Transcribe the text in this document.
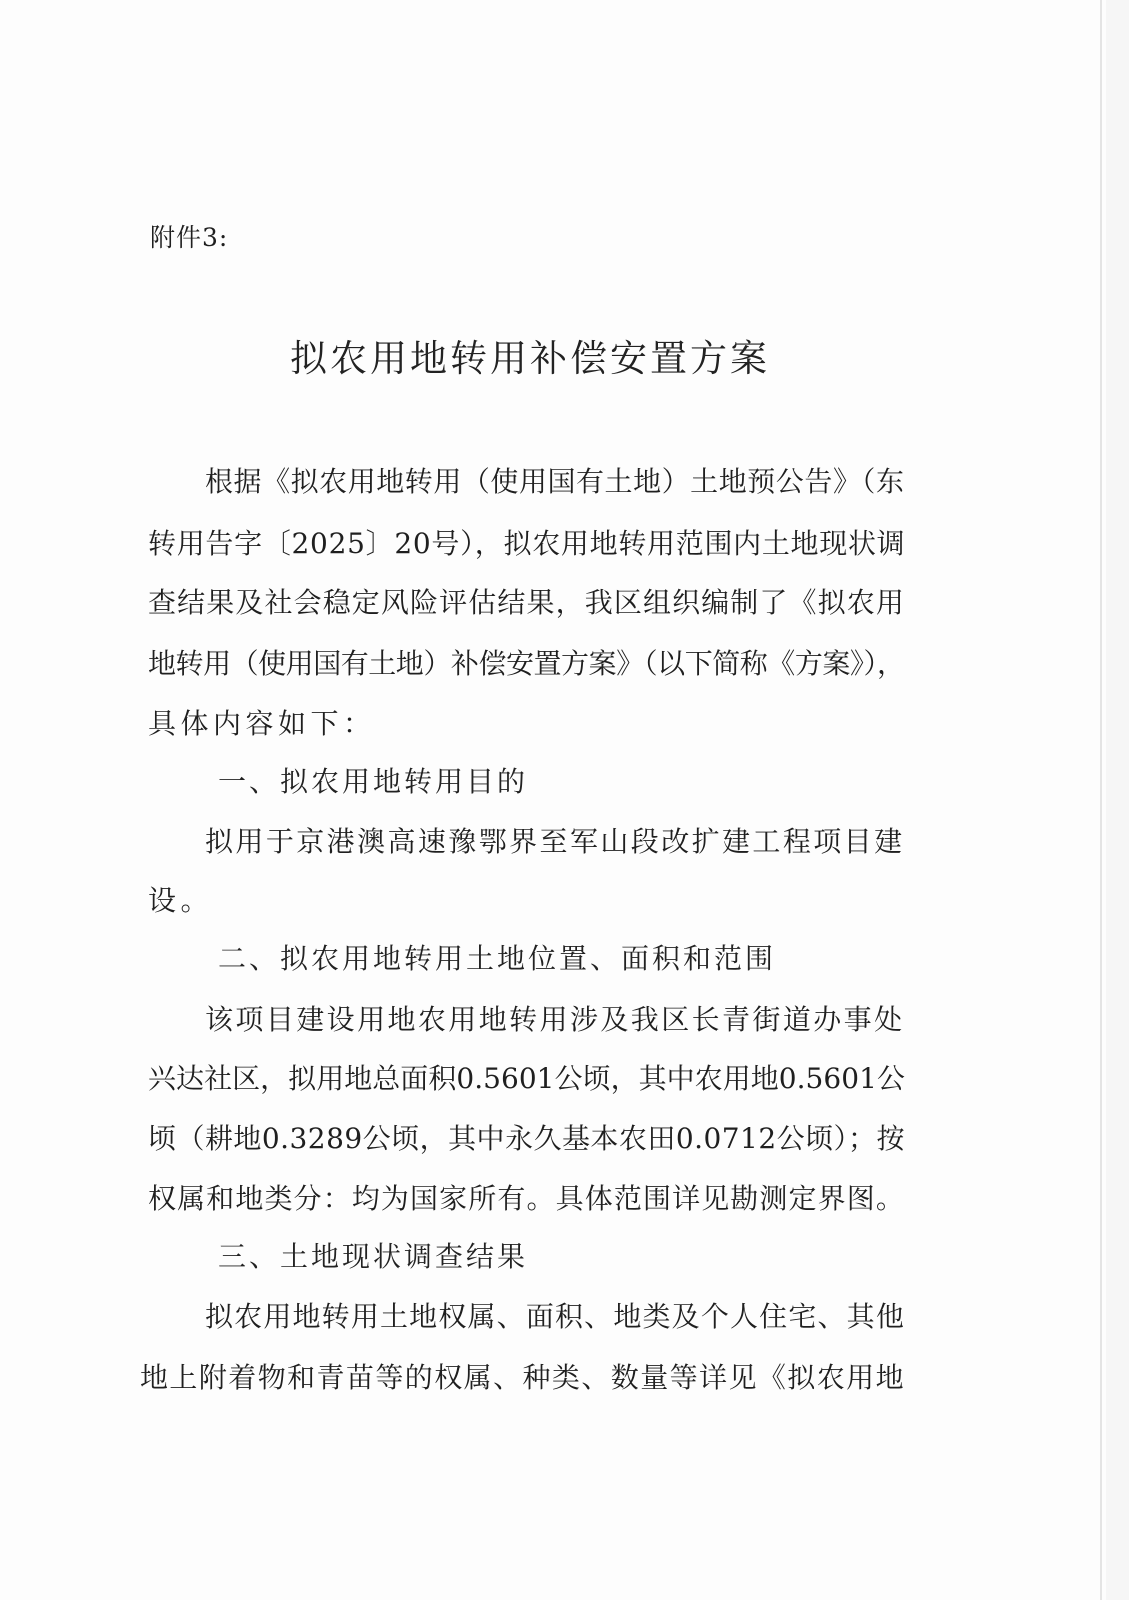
附件3:
拟农用地转用补偿安置方案
根据《拟农用地转用（使用国有土地）土地预公告》（东
转用告字〔2025〕20号），拟农用地转用范围内土地现状调
查结果及社会稳定风险评估结果，我区组织编制了《拟农用
地转用（使用国有土地）补偿安置方案》（以下简称《方案》），
具体内容如下：
一、拟农用地转用目的
拟用于京港澳高速豫鄂界至军山段改扩建工程项目建
设。
二、拟农用地转用土地位置、面积和范围
该项目建设用地农用地转用涉及我区长青街道办事处
兴达社区，拟用地总面积0.5601公顷，其中农用地0.5601公
顷（耕地0.3289公顷，其中永久基本农田0.0712公顷）；按
权属和地类分：均为国家所有。具体范围详见勘测定界图。
三、土地现状调查结果
拟农用地转用土地权属、面积、地类及个人住宅、其他
地上附着物和青苗等的权属、种类、数量等详见《拟农用地
